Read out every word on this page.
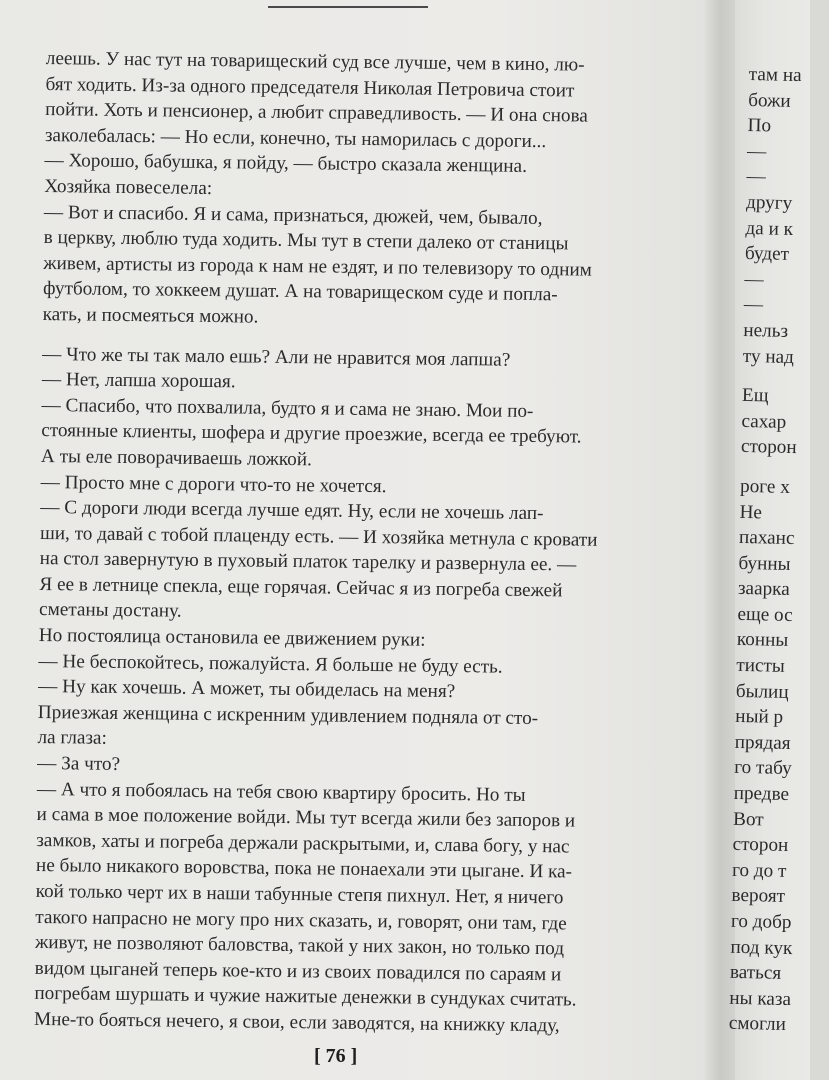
леешь. У нас тут на товарищеский суд все лучше, чем в кино, лю-
бят ходить. Из-за одного председателя Николая Петровича стоит
пойти. Хоть и пенсионер, а любит справедливость. — И она снова
заколебалась: — Но если, конечно, ты наморилась с дороги...
— Хорошо, бабушка, я пойду, — быстро сказала женщина.
Хозяйка повеселела:
— Вот и спасибо. Я и сама, признаться, дюжей, чем, бывало,
в церкву, люблю туда ходить. Мы тут в степи далеко от станицы
живем, артисты из города к нам не ездят, и по телевизору то одним
футболом, то хоккеем душат. А на товарищеском суде и попла-
кать, и посмеяться можно.
— Что же ты так мало ешь? Али не нравится моя лапша?
— Нет, лапша хорошая.
— Спасибо, что похвалила, будто я и сама не знаю. Мои по-
стоянные клиенты, шофера и другие проезжие, всегда ее требуют.
А ты еле поворачиваешь ложкой.
— Просто мне с дороги что-то не хочется.
— С дороги люди всегда лучше едят. Ну, если не хочешь лап-
ши, то давай с тобой плаценду есть. — И хозяйка метнула с кровати
на стол завернутую в пуховый платок тарелку и развернула ее. —
Я ее в летнице спекла, еще горячая. Сейчас я из погреба свежей
сметаны достану.
Но постоялица остановила ее движением руки:
— Не беспокойтесь, пожалуйста. Я больше не буду есть.
— Ну как хочешь. А может, ты обиделась на меня?
Приезжая женщина с искренним удивлением подняла от сто-
ла глаза:
— За что?
— А что я побоялась на тебя свою квартиру бросить. Но ты
и сама в мое положение войди. Мы тут всегда жили без запоров и
замков, хаты и погреба держали раскрытыми, и, слава богу, у нас
не было никакого воровства, пока не понаехали эти цыгане. И ка-
кой только черт их в наши табунные степя пихнул. Нет, я ничего
такого напрасно не могу про них сказать, и, говорят, они там, где
живут, не позволяют баловства, такой у них закон, но только под
видом цыганей теперь кое-кто и из своих повадился по сараям и
погребам шуршать и чужие нажитые денежки в сундуках считать.
Мне-то бояться нечего, я свои, если заводятся, на книжку кладу,
[ 76 ]
там на
божи
По
—
—
другу
да и к
будет
—
—
нельз
ту над
Ещ
сахар
сторон
роге х
Не
паханс
бунны
заарка
еще ос
конны
тисты
былиц
ный р
прядая
го табу
предве
Вот
сторон
го до т
вероят
го добр
под кук
ваться
ны каза
смогли
